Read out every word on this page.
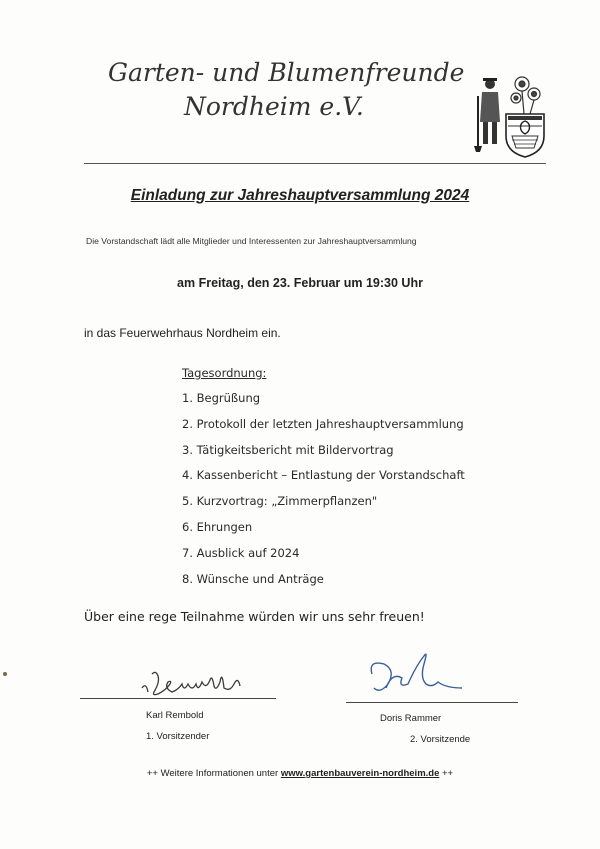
Garten- und Blumenfreunde
Nordheim e.V.
Einladung zur Jahreshauptversammlung 2024
Die Vorstandschaft lädt alle Mitglieder und Interessenten zur Jahreshauptversammlung
am Freitag, den 23. Februar um 19:30 Uhr
in das Feuerwehrhaus Nordheim ein.
Tagesordnung:
1. Begrüßung
2. Protokoll der letzten Jahreshauptversammlung
3. Tätigkeitsbericht mit Bildervortrag
4. Kassenbericht – Entlastung der Vorstandschaft
5. Kurzvortrag: „Zimmerpflanzen"
6. Ehrungen
7. Ausblick auf 2024
8. Wünsche und Anträge
Über eine rege Teilnahme würden wir uns sehr freuen!
Karl Rembold
1. Vorsitzender
Doris Rammer
2. Vorsitzende
++ Weitere Informationen unter www.gartenbauverein-nordheim.de ++
